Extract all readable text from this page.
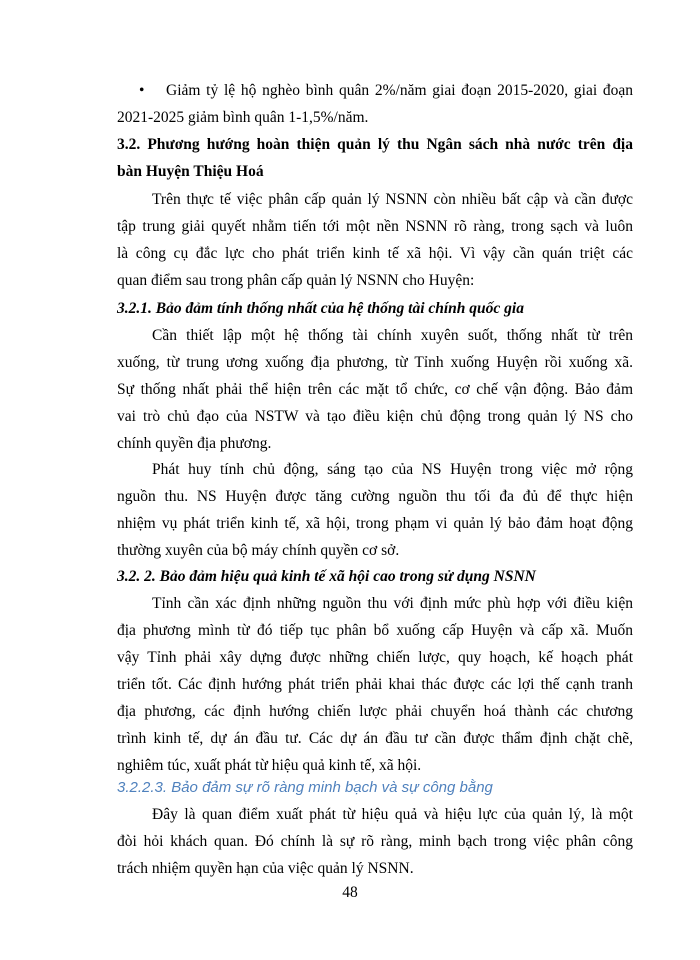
• Giảm tỷ lệ hộ nghèo bình quân 2%/năm giai đoạn 2015-2020, giai đoạn
2021-2025 giảm bình quân 1-1,5%/năm.
3.2. Phương hướng hoàn thiện quản lý thu Ngân sách nhà nước trên địa
bàn Huyện Thiệu Hoá
Trên thực tế việc phân cấp quản lý NSNN còn nhiều bất cập và cần được
tập trung giải quyết nhằm tiến tới một nền NSNN rõ ràng, trong sạch và luôn
là công cụ đắc lực cho phát triển kinh tế xã hội. Vì vậy cần quán triệt các
quan điểm sau trong phân cấp quản lý NSNN cho Huyện:
3.2.1. Bảo đảm tính thống nhất của hệ thống tài chính quốc gia
Cần thiết lập một hệ thống tài chính xuyên suốt, thống nhất từ trên
xuống, từ trung ương xuống địa phương, từ Tỉnh xuống Huyện rồi xuống xã.
Sự thống nhất phải thể hiện trên các mặt tổ chức, cơ chế vận động. Bảo đảm
vai trò chủ đạo của NSTW và tạo điều kiện chủ động trong quản lý NS cho
chính quyền địa phương.
Phát huy tính chủ động, sáng tạo của NS Huyện trong việc mở rộng
nguồn thu. NS Huyện được tăng cường nguồn thu tối đa đủ để thực hiện
nhiệm vụ phát triển kinh tế, xã hội, trong phạm vi quản lý bảo đảm hoạt động
thường xuyên của bộ máy chính quyền cơ sở.
3.2. 2. Bảo đảm hiệu quả kinh tế xã hội cao trong sử dụng NSNN
Tỉnh cần xác định những nguồn thu với định mức phù hợp với điều kiện
địa phương mình từ đó tiếp tục phân bổ xuống cấp Huyện và cấp xã. Muốn
vậy Tỉnh phải xây dựng được những chiến lược, quy hoạch, kế hoạch phát
triển tốt. Các định hướng phát triển phải khai thác được các lợi thế cạnh tranh
địa phương, các định hướng chiến lược phải chuyển hoá thành các chương
trình kinh tế, dự án đầu tư. Các dự án đầu tư cần được thẩm định chặt chẽ,
nghiêm túc, xuất phát từ hiệu quả kinh tế, xã hội.
3.2.2.3. Bảo đảm sự rõ ràng minh bạch và sự công bằng
Đây là quan điểm xuất phát từ hiệu quả và hiệu lực của quản lý, là một
đòi hỏi khách quan. Đó chính là sự rõ ràng, minh bạch trong việc phân công
trách nhiệm quyền hạn của việc quản lý NSNN.
48
